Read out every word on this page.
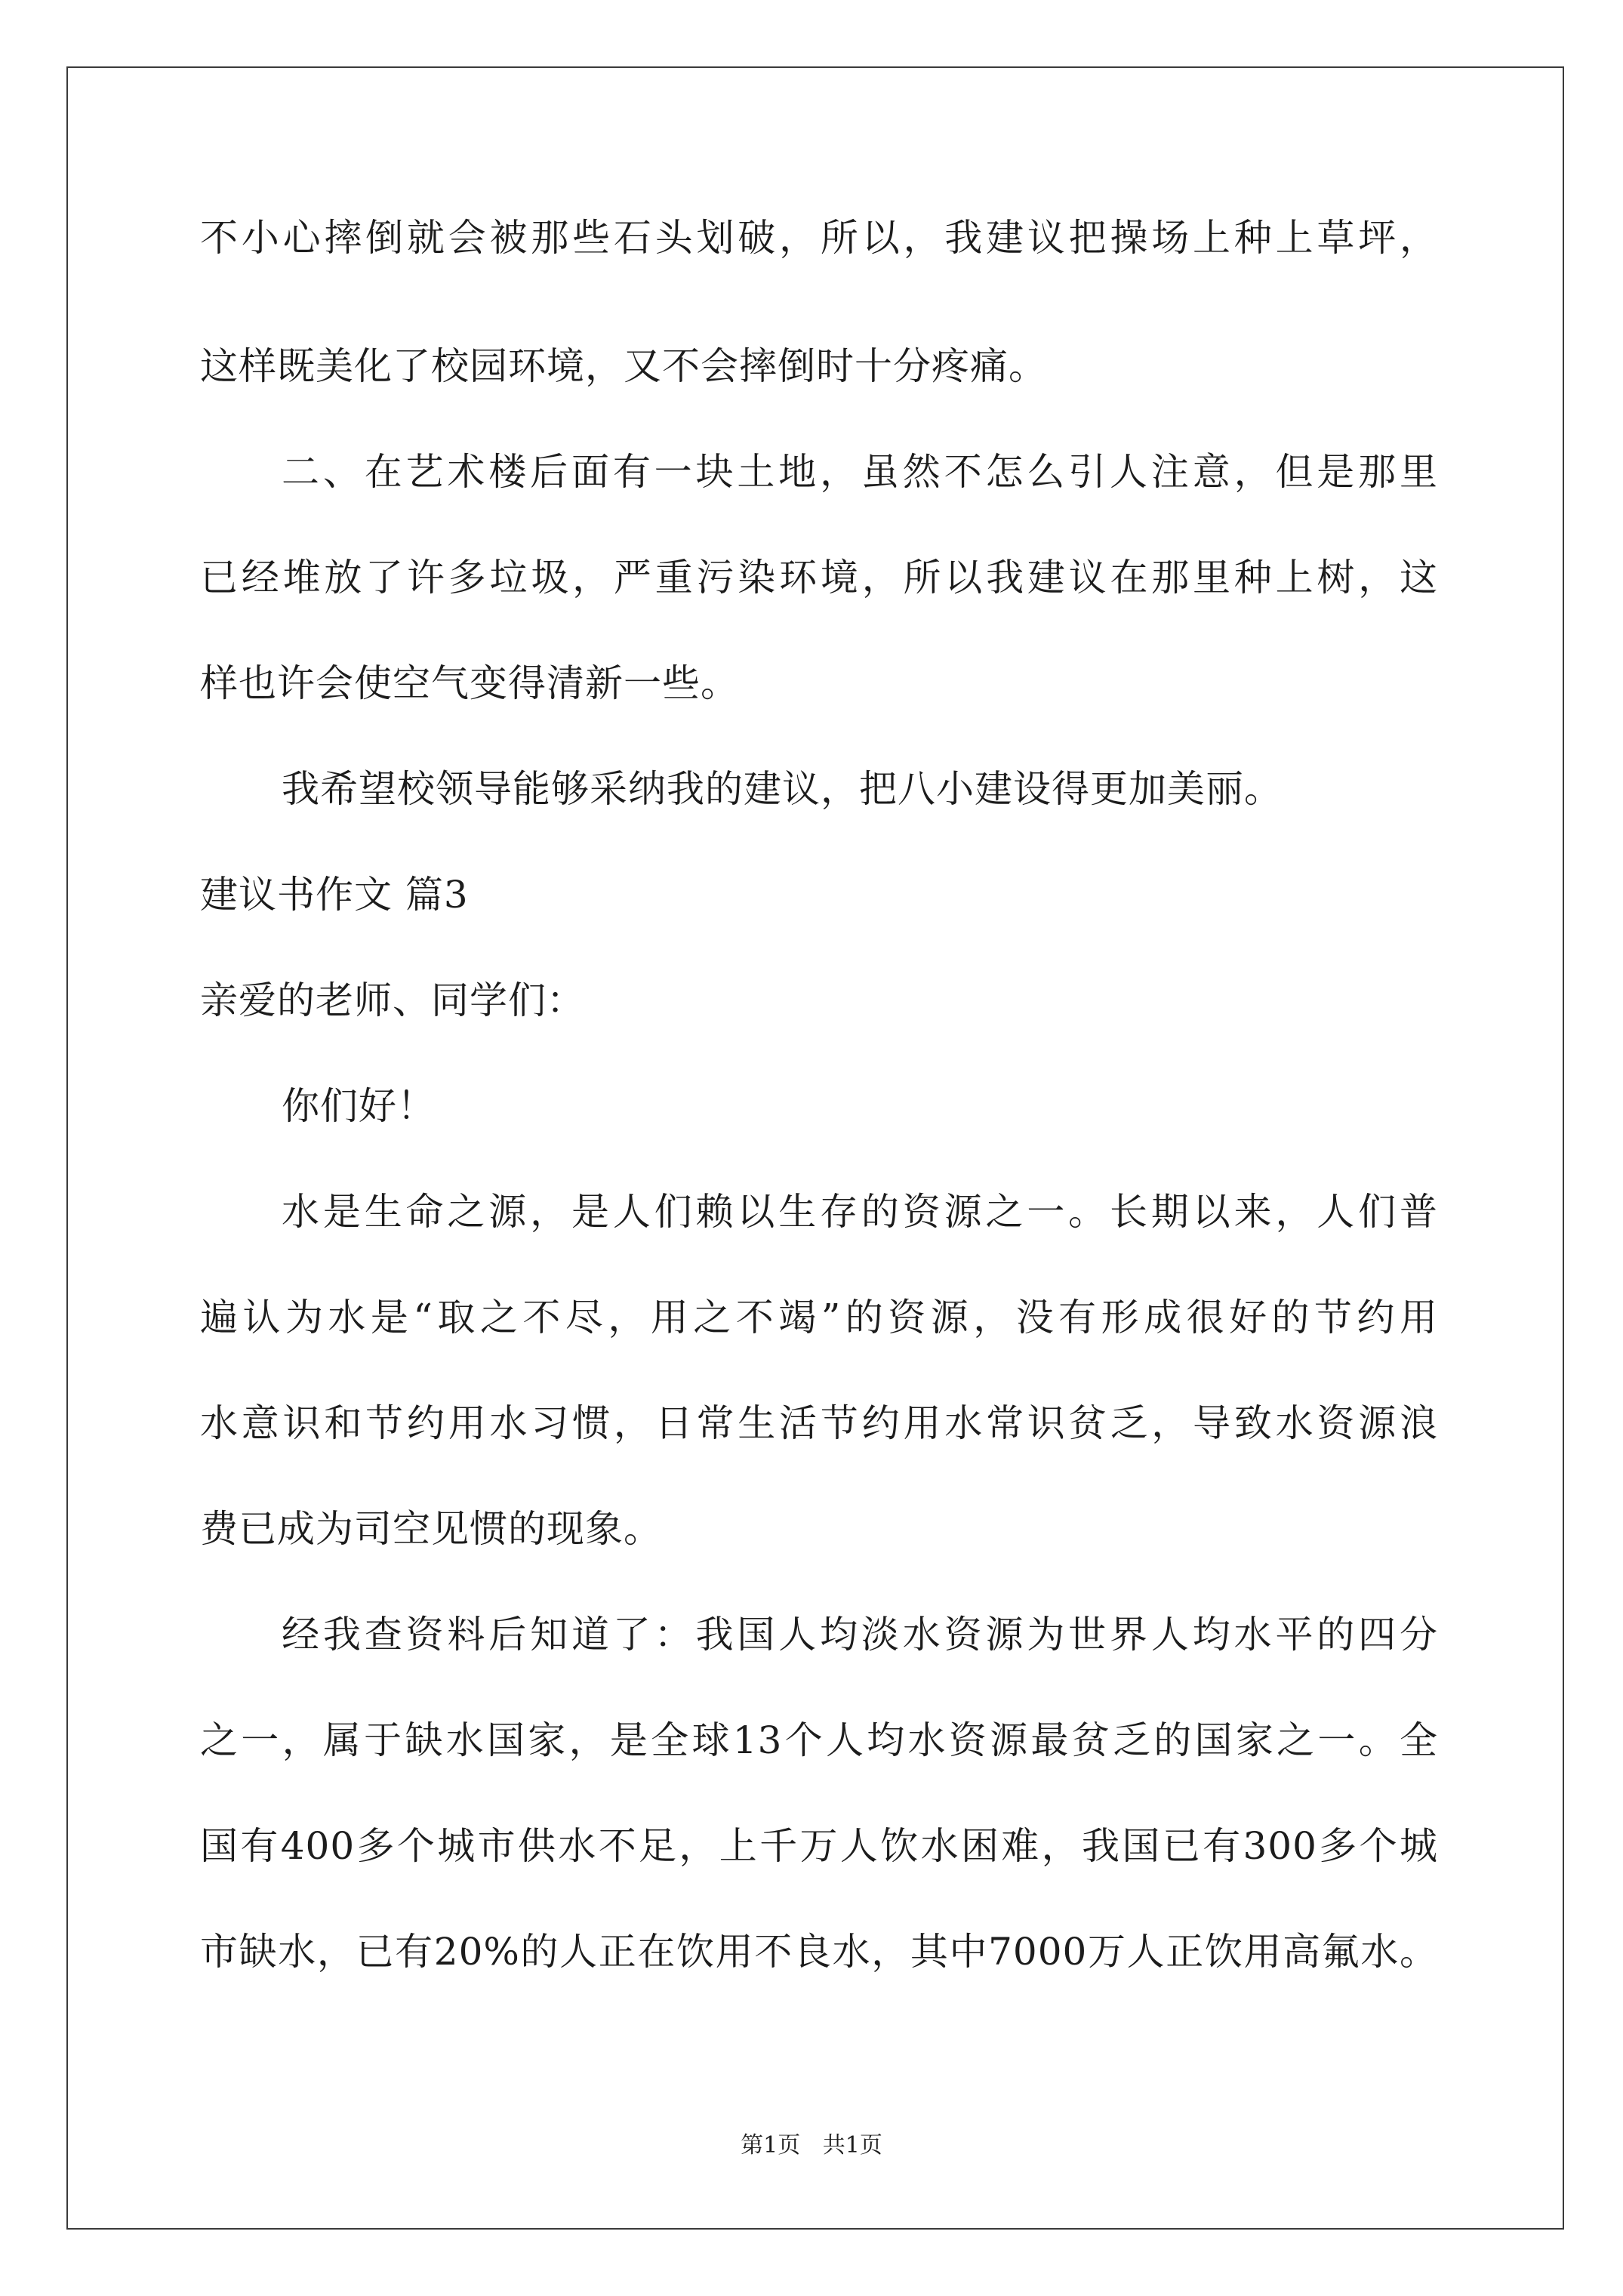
不小心摔倒就会被那些石头划破，所以，我建议把操场上种上草坪，
这样既美化了校园环境，又不会摔倒时十分疼痛。
二、在艺术楼后面有一块土地，虽然不怎么引人注意，但是那里
已经堆放了许多垃圾，严重污染环境，所以我建议在那里种上树，这
样也许会使空气变得清新一些。
我希望校领导能够采纳我的建议，把八小建设得更加美丽。
建议书作文 篇3
亲爱的老师、同学们：
你们好！
水是生命之源，是人们赖以生存的资源之一。长期以来，人们普
遍认为水是“取之不尽，用之不竭”的资源，没有形成很好的节约用
水意识和节约用水习惯，日常生活节约用水常识贫乏，导致水资源浪
费已成为司空见惯的现象。
经我查资料后知道了：我国人均淡水资源为世界人均水平的四分
之一，属于缺水国家，是全球13个人均水资源最贫乏的国家之一。全
国有400多个城市供水不足，上千万人饮水困难，我国已有300多个城
市缺水，已有20%的人正在饮用不良水，其中7000万人正饮用高氟水。
第1页 共1页
